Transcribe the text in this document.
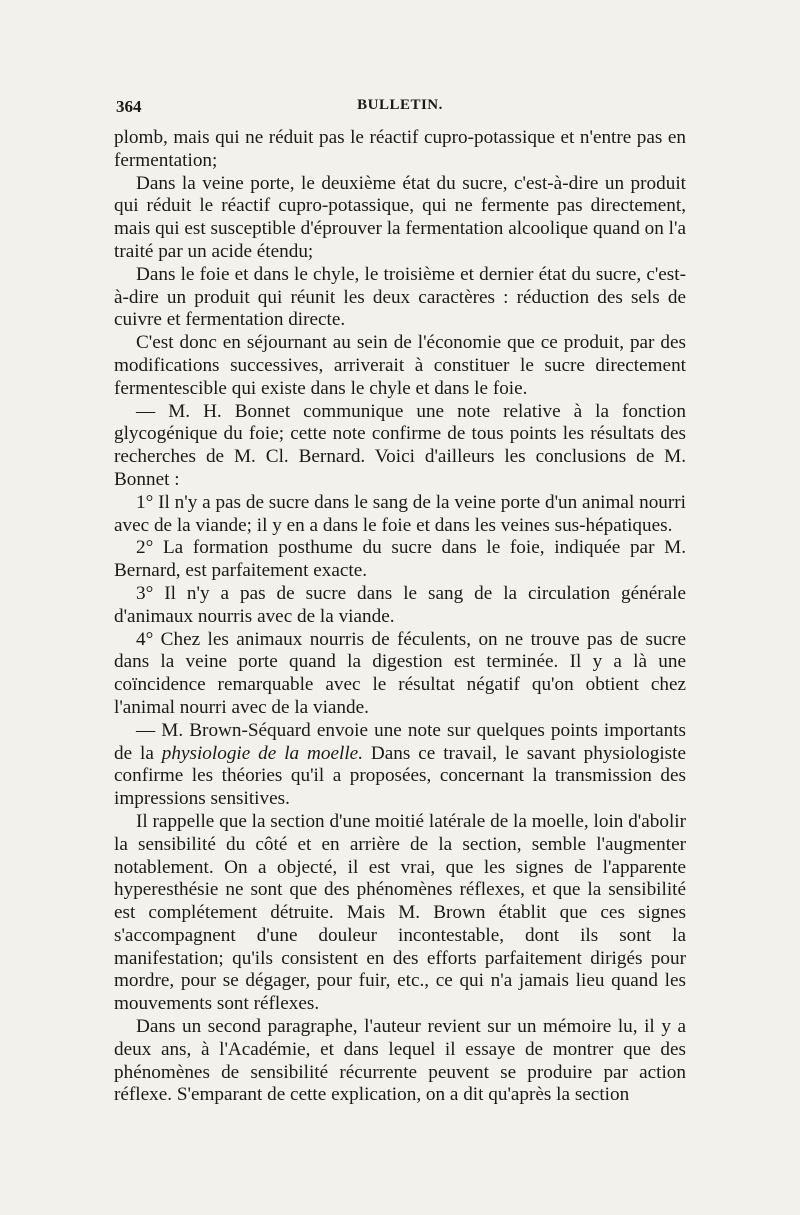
364	BULLETIN.

plomb, mais qui ne réduit pas le réactif cupro-potassique et n'entre pas en fermentation;

Dans la veine porte, le deuxième état du sucre, c'est-à-dire un produit qui réduit le réactif cupro-potassique, qui ne fermente pas directement, mais qui est susceptible d'éprouver la fermentation alcoolique quand on l'a traité par un acide étendu;

Dans le foie et dans le chyle, le troisième et dernier état du sucre, c'est-à-dire un produit qui réunit les deux caractères : réduction des sels de cuivre et fermentation directe.

C'est donc en séjournant au sein de l'économie que ce produit, par des modifications successives, arriverait à constituer le sucre directement fermentescible qui existe dans le chyle et dans le foie.

— M. H. Bonnet communique une note relative à la fonction glycogénique du foie; cette note confirme de tous points les résultats des recherches de M. Cl. Bernard. Voici d'ailleurs les conclusions de M. Bonnet :

1° Il n'y a pas de sucre dans le sang de la veine porte d'un animal nourri avec de la viande; il y en a dans le foie et dans les veines sus-hépatiques.

2° La formation posthume du sucre dans le foie, indiquée par M. Bernard, est parfaitement exacte.

3° Il n'y a pas de sucre dans le sang de la circulation générale d'animaux nourris avec de la viande.

4° Chez les animaux nourris de féculents, on ne trouve pas de sucre dans la veine porte quand la digestion est terminée. Il y a là une coïncidence remarquable avec le résultat négatif qu'on obtient chez l'animal nourri avec de la viande.

— M. Brown-Séquard envoie une note sur quelques points importants de la physiologie de la moelle. Dans ce travail, le savant physiologiste confirme les théories qu'il a proposées, concernant la transmission des impressions sensitives.

Il rappelle que la section d'une moitié latérale de la moelle, loin d'abolir la sensibilité du côté et en arrière de la section, semble l'augmenter notablement. On a objecté, il est vrai, que les signes de l'apparente hyperesthésie ne sont que des phénomènes réflexes, et que la sensibilité est complétement détruite. Mais M. Brown établit que ces signes s'accompagnent d'une douleur incontestable, dont ils sont la manifestation; qu'ils consistent en des efforts parfaitement dirigés pour mordre, pour se dégager, pour fuir, etc., ce qui n'a jamais lieu quand les mouvements sont réflexes.

Dans un second paragraphe, l'auteur revient sur un mémoire lu, il y a deux ans, à l'Académie, et dans lequel il essaye de montrer que des phénomènes de sensibilité récurrente peuvent se produire par action réflexe. S'emparant de cette explication, on a dit qu'après la section
